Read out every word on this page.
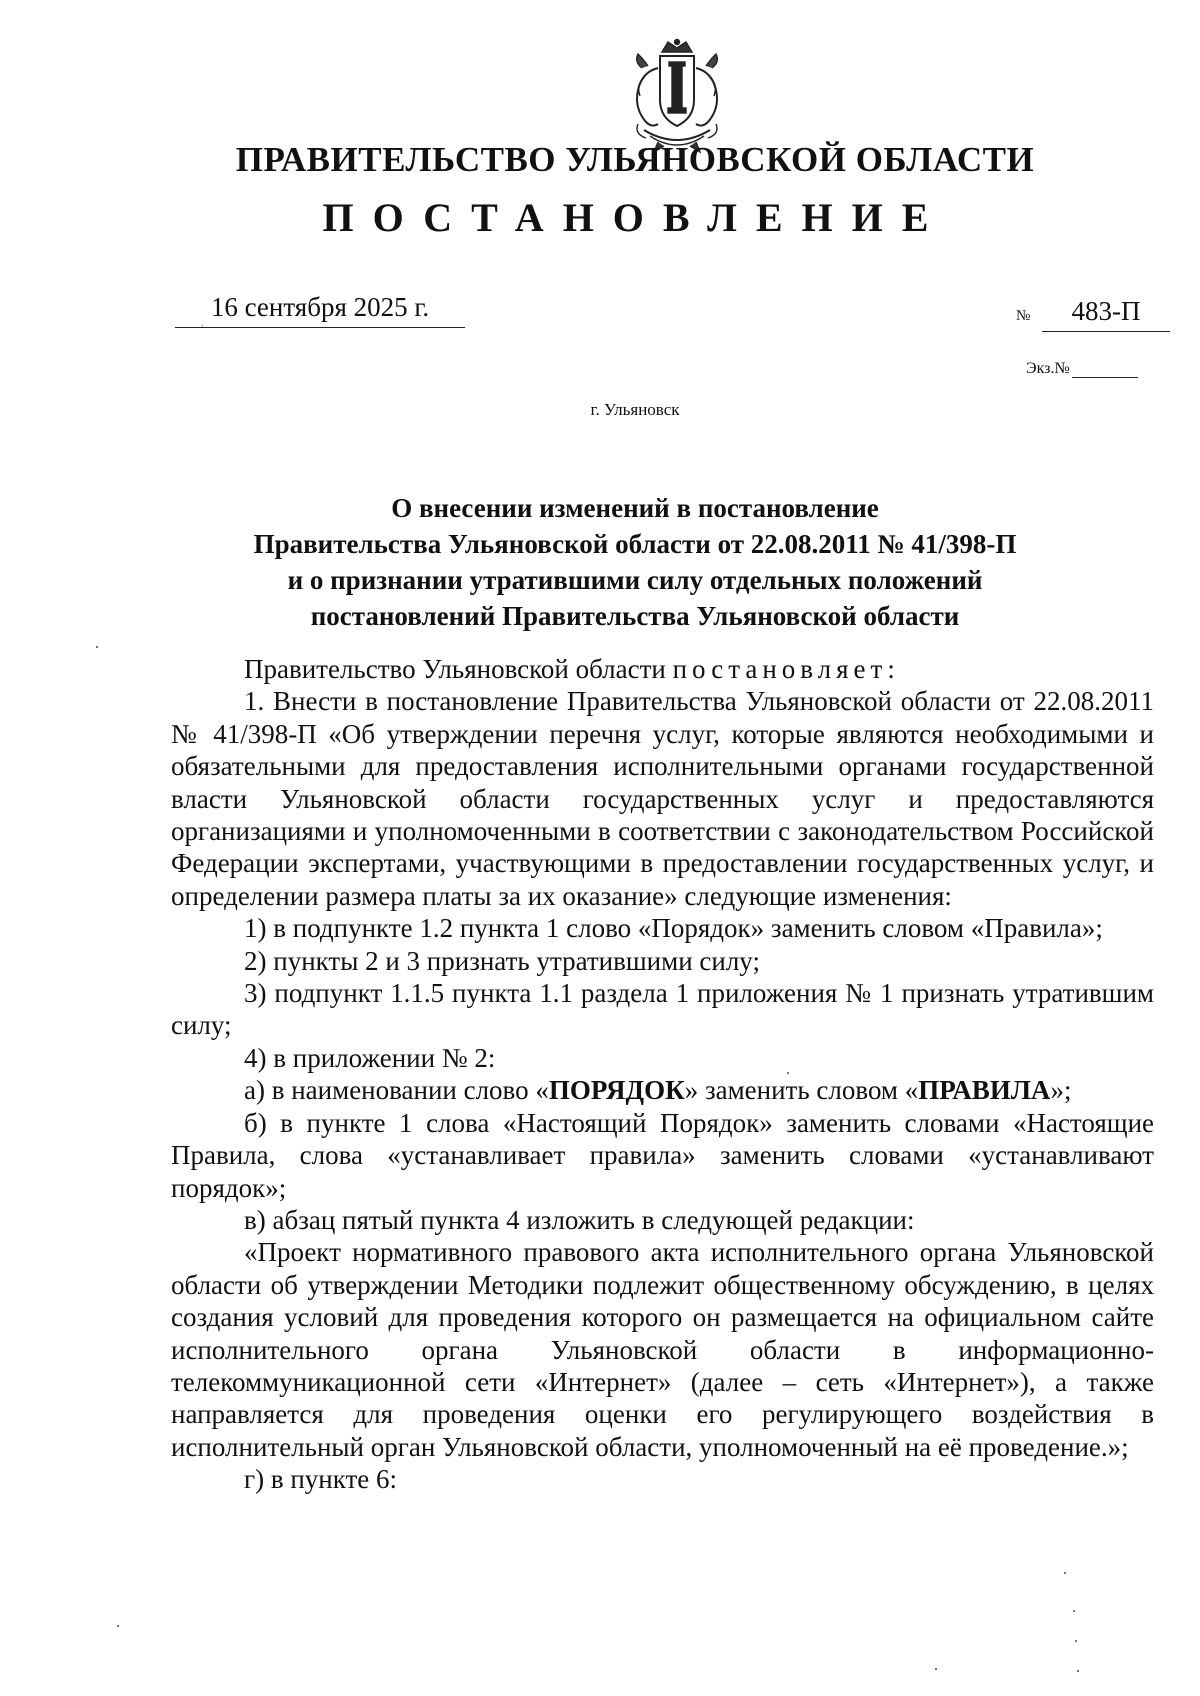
ПРАВИТЕЛЬСТВО УЛЬЯНОВСКОЙ ОБЛАСТИ
ПОСТАНОВЛЕНИЕ
16 сентября 2025 г.
ˈ
№	483-П
Экз.№
г. Ульяновск
О внесении изменений в постановление
Правительства Ульяновской области от 22.08.2011 № 41/398-П
и о признании утратившими силу отдельных положений
постановлений Правительства Ульяновской области

Правительство Ульяновской области постановляет:

1. Внести в постановление Правительства Ульяновской области от 22.08.2011 № 41/398-П «Об утверждении перечня услуг, которые являются необходимыми и обязательными для предоставления исполнительными органами государственной власти Ульяновской области государственных услуг и предоставляются организациями и уполномоченными в соответствии с законодательством Российской Федерации экспертами, участвующими в предоставлении государственных услуг, и определении размера платы за их оказание» следующие изменения:

1) в подпункте 1.2 пункта 1 слово «Порядок» заменить словом «Правила»;

2) пункты 2 и 3 признать утратившими силу;

3) подпункт 1.1.5 пункта 1.1 раздела 1 приложения № 1 признать утратившим силу;

4) в приложении № 2:

а) в наименовании слово «ПОРЯДОК» заменить словом «ПРАВИЛА»;

б) в пункте 1 слова «Настоящий Порядок» заменить словами «Настоящие Правила, слова «устанавливает правила» заменить словами «устанавливают порядок»;

в) абзац пятый пункта 4 изложить в следующей редакции:

«Проект нормативного правового акта исполнительного органа Ульяновской области об утверждении Методики подлежит общественному обсуждению, в целях создания условий для проведения которого он размещается на официальном сайте исполнительного органа Ульяновской области в информационно-телекоммуникационной сети «Интернет» (далее – сеть «Интернет»), а также направляется для проведения оценки его регулирующего воздействия в исполнительный орган Ульяновской области, уполномоченный на её проведение.»;

г) в пункте 6:
